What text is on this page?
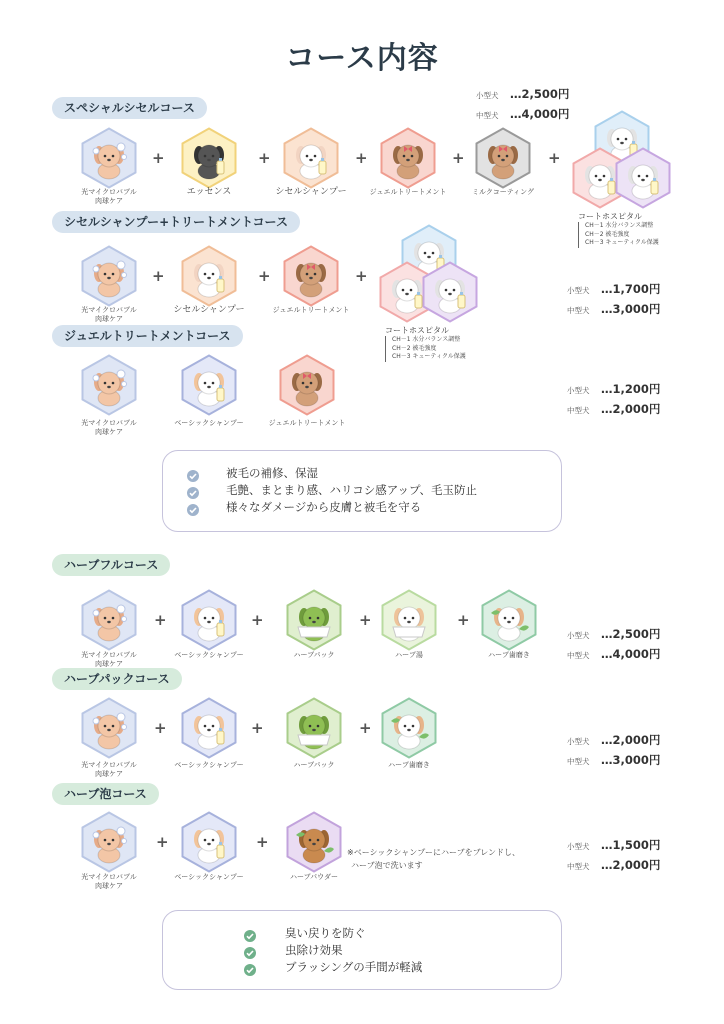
コース内容
スペシャルシセルコース
小型犬 …2,500円
中型犬 …4,000円
光マイクロバブル
肉球ケア
エッセンス	シセルシャンプー	ジュエルトリートメント	ミルクコーティング
+	+	+	+	+
コートホスピタル
CH－1 水分バランス調整
CH－2 被毛強度
CH－3 キューティクル保護
シセルシャンプー+トリートメントコース
光マイクロバブル
肉球ケア
シセルシャンプー	ジュエルトリートメント
+	+	+
コートホスピタル
CH－1 水分バランス調整
CH－2 被毛強度
CH－3 キューティクル保護
小型犬 …1,700円
中型犬 …3,000円
ジュエルトリートメントコース
光マイクロバブル
肉球ケア
ベーシックシャンプー	ジュエルトリートメント
小型犬 …1,200円
中型犬 …2,000円
被毛の補修、保湿
毛艶、まとまり感、ハリコシ感アップ、毛玉防止
様々なダメージから皮膚と被毛を守る
ハーブフルコース
光マイクロバブル
肉球ケア
ベーシックシャンプー	ハーブパック	ハーブ湯	ハーブ歯磨き
+	+	+	+
小型犬 …2,500円
中型犬 …4,000円
ハーブパックコース
光マイクロバブル
肉球ケア
ベーシックシャンプー	ハーブパック	ハーブ歯磨き
+	+	+
小型犬 …2,000円
中型犬 …3,000円
ハーブ泡コース
光マイクロバブル
肉球ケア
ベーシックシャンプー	ハーブパウダー
+	+
※ベーシックシャンプーにハーブをブレンドし、
ハーブ泡で洗います
小型犬 …1,500円
中型犬 …2,000円
臭い戻りを防ぐ
虫除け効果
ブラッシングの手間が軽減
